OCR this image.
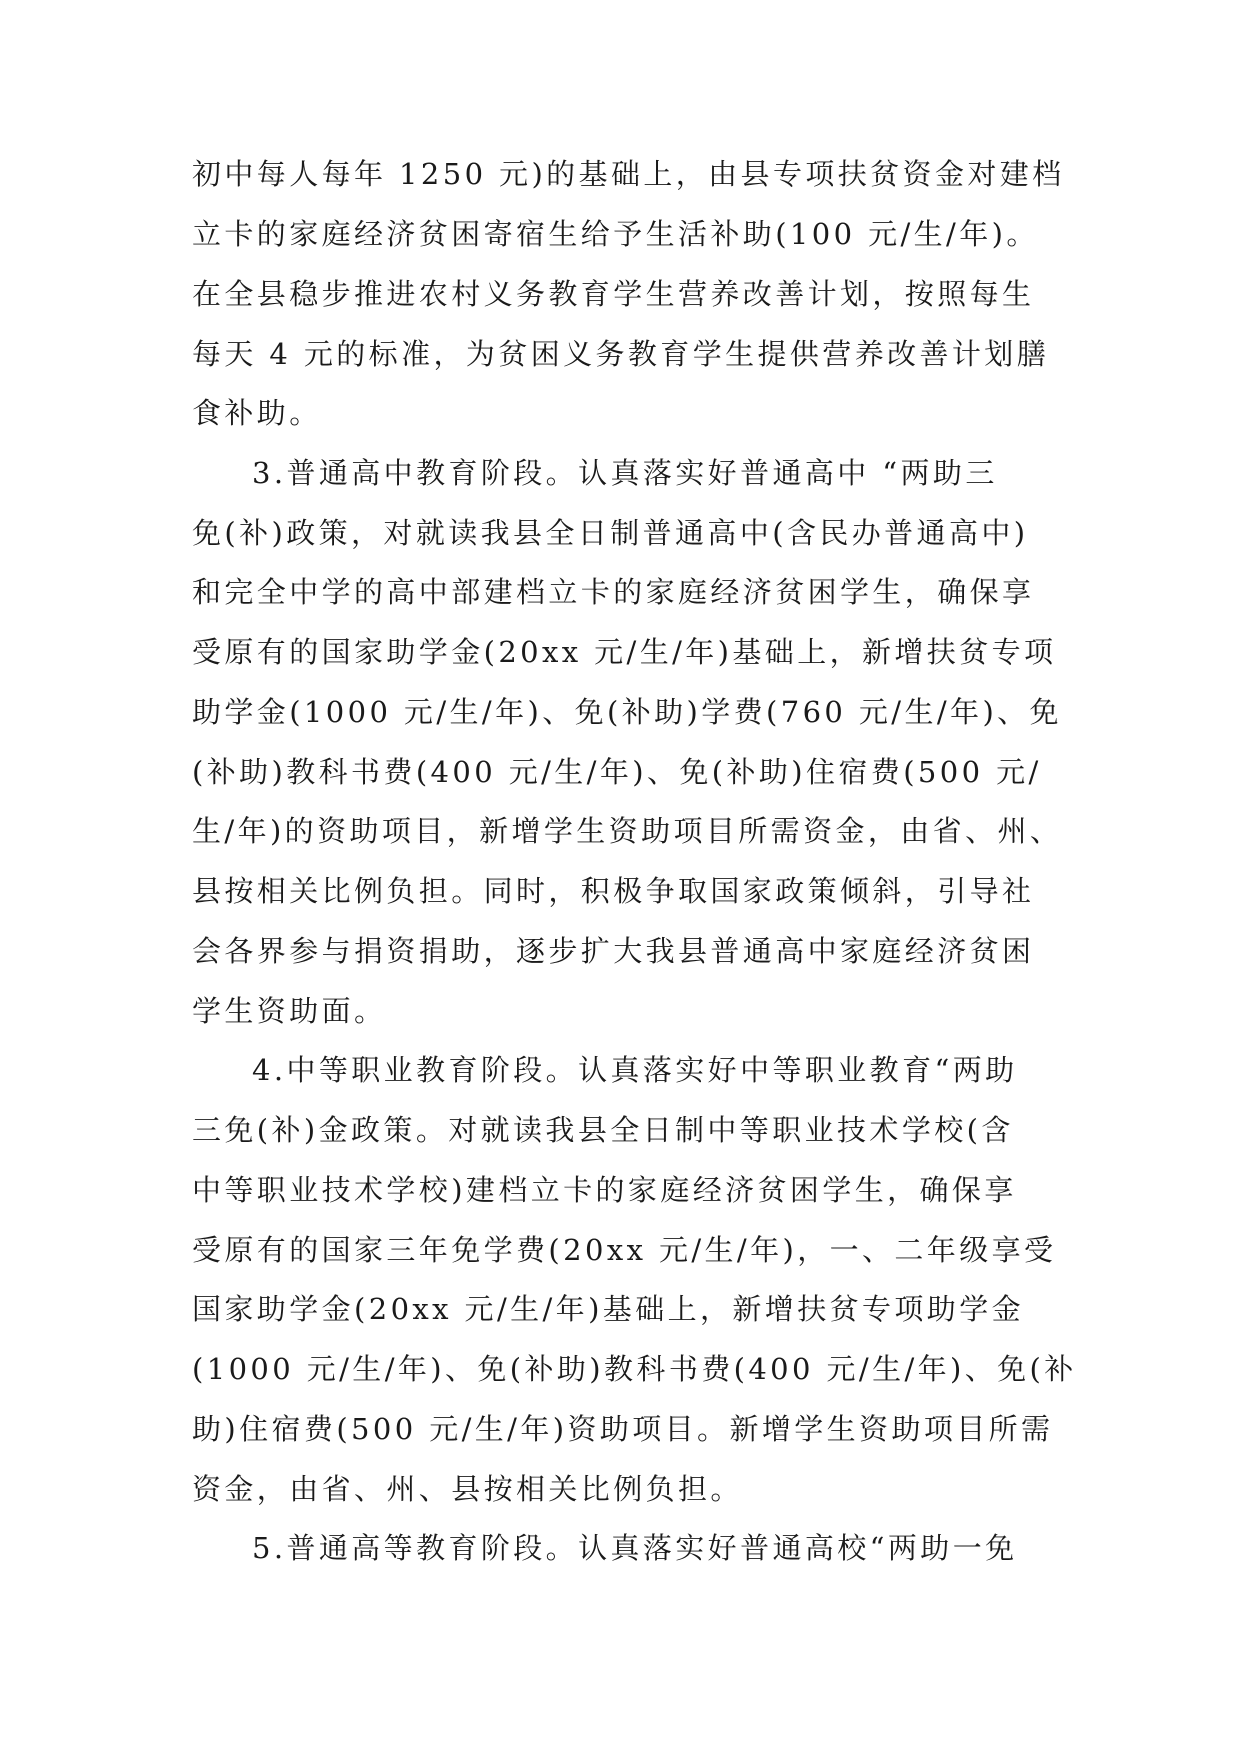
初中每人每年 1250 元)的基础上，由县专项扶贫资金对建档
立卡的家庭经济贫困寄宿生给予生活补助(100 元/生/年)。
在全县稳步推进农村义务教育学生营养改善计划，按照每生
每天 4 元的标准，为贫困义务教育学生提供营养改善计划膳
食补助。
3.普通高中教育阶段。认真落实好普通高中 “两助三
免(补)政策，对就读我县全日制普通高中(含民办普通高中)
和完全中学的高中部建档立卡的家庭经济贫困学生，确保享
受原有的国家助学金(20xx 元/生/年)基础上，新增扶贫专项
助学金(1000 元/生/年)、免(补助)学费(760 元/生/年)、免
(补助)教科书费(400 元/生/年)、免(补助)住宿费(500 元/
生/年)的资助项目，新增学生资助项目所需资金，由省、州、
县按相关比例负担。同时，积极争取国家政策倾斜，引导社
会各界参与捐资捐助，逐步扩大我县普通高中家庭经济贫困
学生资助面。
4.中等职业教育阶段。认真落实好中等职业教育“两助
三免(补)金政策。对就读我县全日制中等职业技术学校(含
中等职业技术学校)建档立卡的家庭经济贫困学生，确保享
受原有的国家三年免学费(20xx 元/生/年)，一、二年级享受
国家助学金(20xx 元/生/年)基础上，新增扶贫专项助学金
(1000 元/生/年)、免(补助)教科书费(400 元/生/年)、免(补
助)住宿费(500 元/生/年)资助项目。新增学生资助项目所需
资金，由省、州、县按相关比例负担。
5.普通高等教育阶段。认真落实好普通高校“两助一免
